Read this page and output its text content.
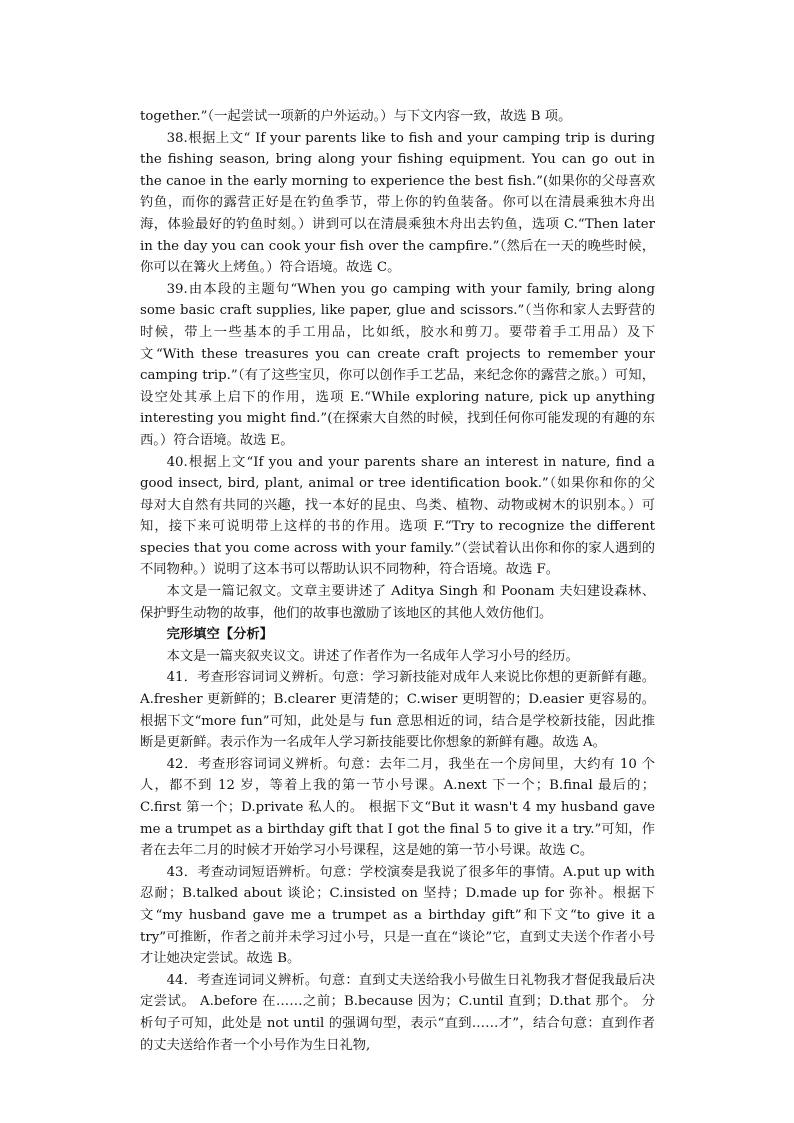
together.”（一起尝试一项新的户外运动。）与下文内容一致，故选 B 项。

38.根据上文“ If your parents like to fish and your camping trip is during the fishing season, bring along your fishing equipment. You can go out in the canoe in the early morning to experience the best fish.”(如果你的父母喜欢钓鱼，而你的露营正好是在钓鱼季节，带上你的钓鱼装备。你可以在清晨乘独木舟出海，体验最好的钓鱼时刻。）讲到可以在清晨乘独木舟出去钓鱼，选项 C.“Then later in the day you can cook your fish over the campfire.”（然后在一天的晚些时候，你可以在篝火上烤鱼。）符合语境。故选 C。

39.由本段的主题句“When you go camping with your family, bring along some basic craft supplies, like paper, glue and scissors.”（当你和家人去野营的时候，带上一些基本的手工用品，比如纸，胶水和剪刀。要带着手工用品）及下文“With these treasures you can create craft projects to remember your camping trip.”（有了这些宝贝，你可以创作手工艺品，来纪念你的露营之旅。）可知，设空处其承上启下的作用，选项 E.“While exploring nature, pick up anything interesting you might find.”(在探索大自然的时候，找到任何你可能发现的有趣的东西。）符合语境。故选 E。

40.根据上文“If you and your parents share an interest in nature, find a good insect, bird, plant, animal or tree identification book.”（如果你和你的父母对大自然有共同的兴趣，找一本好的昆虫、鸟类、植物、动物或树木的识别本。）可知，接下来可说明带上这样的书的作用。选项 F.“Try to recognize the different species that you come across with your family.”（尝试着认出你和你的家人遇到的不同物种。）说明了这本书可以帮助认识不同物种，符合语境。故选 F。

本文是一篇记叙文。文章主要讲述了 Aditya Singh 和 Poonam 夫妇建设森林、保护野生动物的故事，他们的故事也激励了该地区的其他人效仿他们。

完形填空【分析】

本文是一篇夹叙夹议文。讲述了作者作为一名成年人学习小号的经历。

41．考查形容词词义辨析。句意：学习新技能对成年人来说比你想的更新鲜有趣。A.fresher 更新鲜的；B.clearer 更清楚的；C.wiser 更明智的；D.easier 更容易的。根据下文“more fun”可知，此处是与 fun 意思相近的词，结合是学校新技能，因此推断是更新鲜。表示作为一名成年人学习新技能要比你想象的新鲜有趣。故选 A。

42．考查形容词词义辨析。句意：去年二月，我坐在一个房间里，大约有 10 个人，都不到 12 岁，等着上我的第一节小号课。A.next 下一个；B.final 最后的；C.first 第一个；D.private 私人的。 根据下文“But it wasn't 4 my husband gave me a trumpet as a birthday gift that I got the final 5 to give it a try.”可知，作者在去年二月的时候才开始学习小号课程，这是她的第一节小号课。故选 C。

43．考查动词短语辨析。句意：学校演奏是我说了很多年的事情。A.put up with 忍耐；B.talked about 谈论；C.insisted on 坚持；D.made up for 弥补。根据下文“my husband gave me a trumpet as a birthday gift”和下文“to give it a try”可推断，作者之前并未学习过小号，只是一直在“谈论”它，直到丈夫送个作者小号才让她决定尝试。故选 B。

44．考查连词词义辨析。句意：直到丈夫送给我小号做生日礼物我才督促我最后决定尝试。 A.before 在……之前；B.because 因为；C.until 直到；D.that 那个。 分析句子可知，此处是 not until 的强调句型，表示“直到……才”，结合句意：直到作者的丈夫送给作者一个小号作为生日礼物,
